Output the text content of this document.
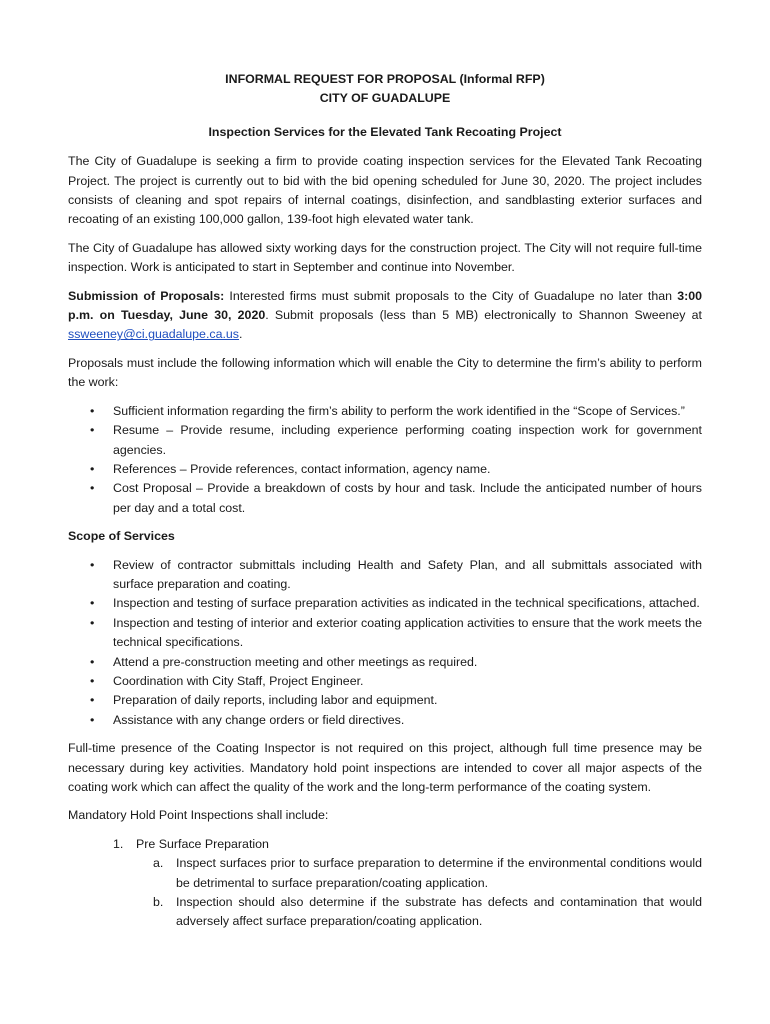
INFORMAL REQUEST FOR PROPOSAL (Informal RFP)
CITY OF GUADALUPE
Inspection Services for the Elevated Tank Recoating Project

The City of Guadalupe is seeking a firm to provide coating inspection services for the Elevated Tank Recoating Project. The project is currently out to bid with the bid opening scheduled for June 30, 2020. The project includes consists of cleaning and spot repairs of internal coatings, disinfection, and sandblasting exterior surfaces and recoating of an existing 100,000 gallon, 139-foot high elevated water tank.

The City of Guadalupe has allowed sixty working days for the construction project. The City will not require full-time inspection. Work is anticipated to start in September and continue into November.

Submission of Proposals: Interested firms must submit proposals to the City of Guadalupe no later than 3:00 p.m. on Tuesday, June 30, 2020. Submit proposals (less than 5 MB) electronically to Shannon Sweeney at ssweeney@ci.guadalupe.ca.us.

Proposals must include the following information which will enable the City to determine the firm’s ability to perform the work:

• Sufficient information regarding the firm’s ability to perform the work identified in the “Scope of Services.”
• Resume – Provide resume, including experience performing coating inspection work for government agencies.
• References – Provide references, contact information, agency name.
• Cost Proposal – Provide a breakdown of costs by hour and task. Include the anticipated number of hours per day and a total cost.
Scope of Services
• Review of contractor submittals including Health and Safety Plan, and all submittals associated with surface preparation and coating.
• Inspection and testing of surface preparation activities as indicated in the technical specifications, attached.
• Inspection and testing of interior and exterior coating application activities to ensure that the work meets the technical specifications.
• Attend a pre-construction meeting and other meetings as required.
• Coordination with City Staff, Project Engineer.
• Preparation of daily reports, including labor and equipment.
• Assistance with any change orders or field directives.

Full-time presence of the Coating Inspector is not required on this project, although full time presence may be necessary during key activities. Mandatory hold point inspections are intended to cover all major aspects of the coating work which can affect the quality of the work and the long-term performance of the coating system.

Mandatory Hold Point Inspections shall include:

1. Pre Surface Preparation
a. Inspect surfaces prior to surface preparation to determine if the environmental conditions would be detrimental to surface preparation/coating application.
b. Inspection should also determine if the substrate has defects and contamination that would adversely affect surface preparation/coating application.
